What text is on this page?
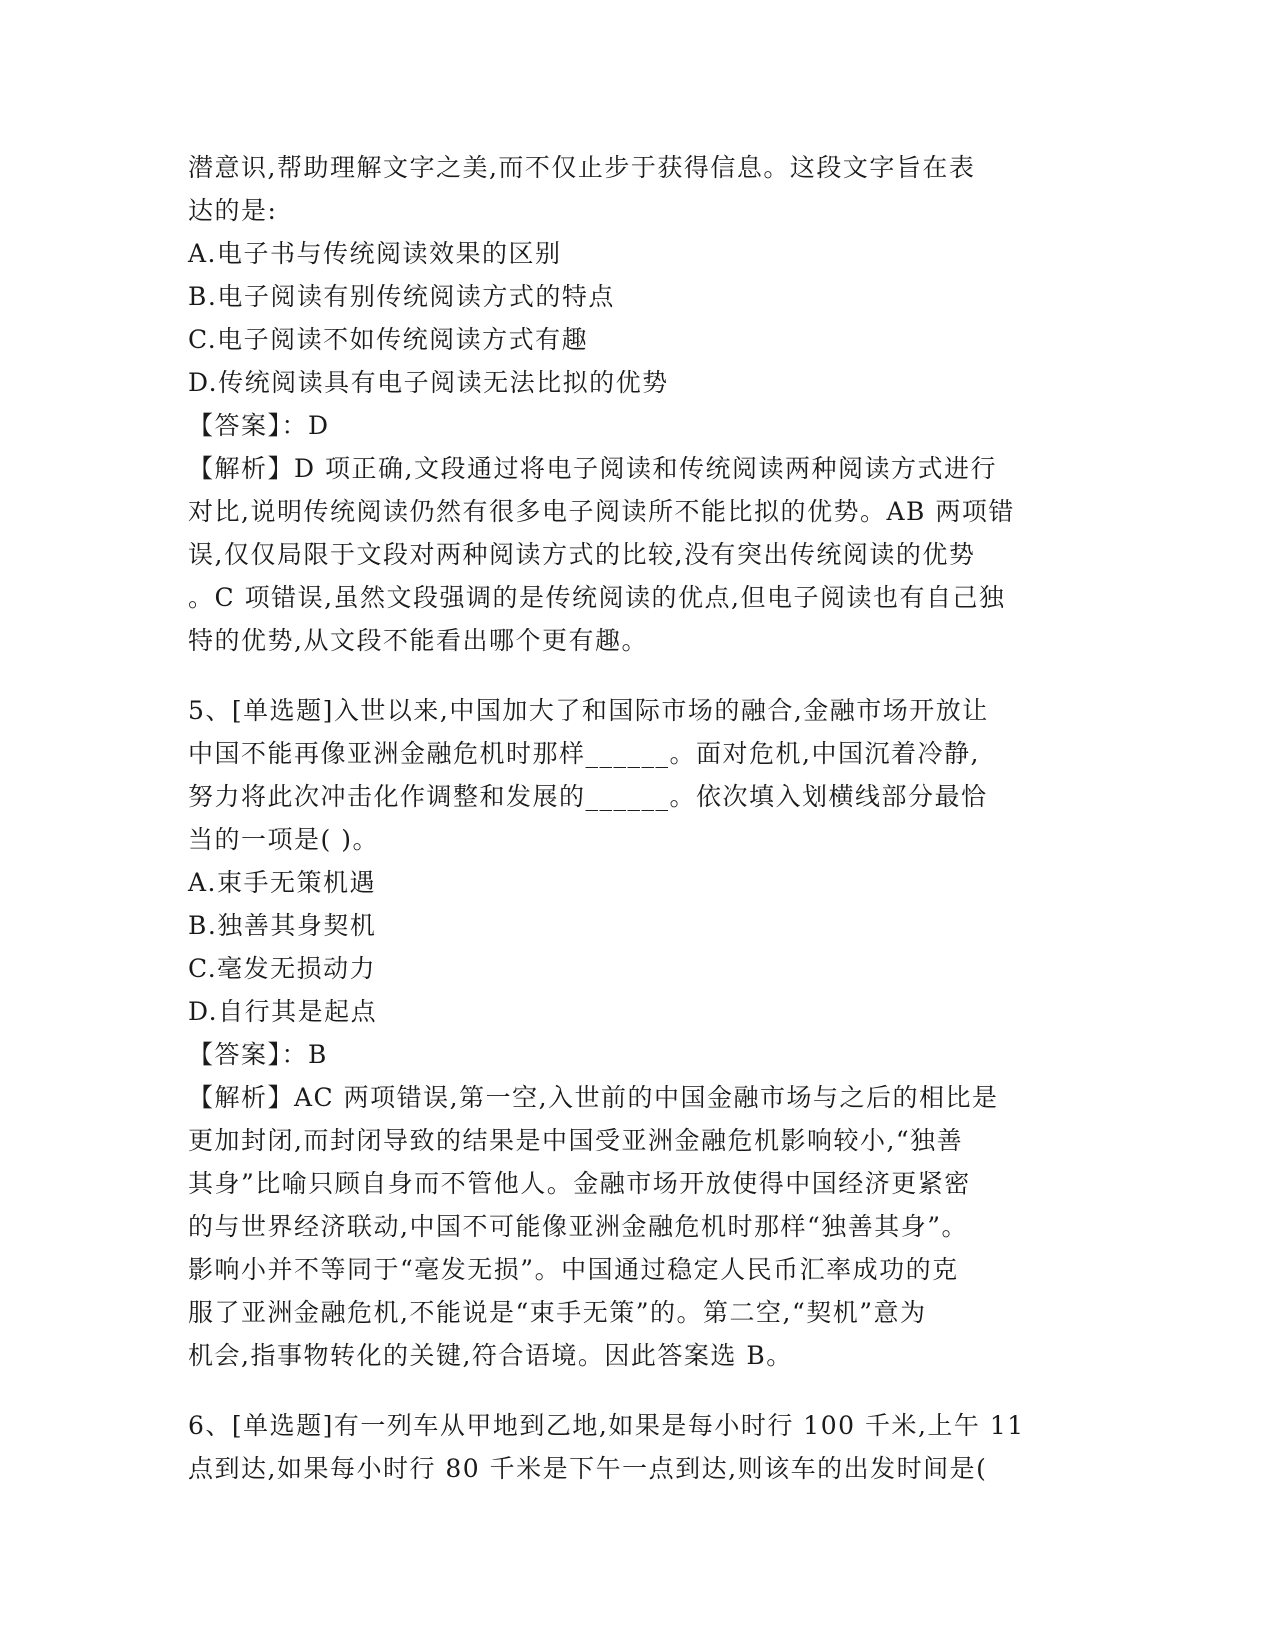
潜意识,帮助理解文字之美,而不仅止步于获得信息。这段文字旨在表

达的是:

A.电子书与传统阅读效果的区别

B.电子阅读有别传统阅读方式的特点

C.电子阅读不如传统阅读方式有趣

D.传统阅读具有电子阅读无法比拟的优势

【答案】：D

【解析】D 项正确,文段通过将电子阅读和传统阅读两种阅读方式进行

对比,说明传统阅读仍然有很多电子阅读所不能比拟的优势。AB 两项错

误,仅仅局限于文段对两种阅读方式的比较,没有突出传统阅读的优势

。C 项错误,虽然文段强调的是传统阅读的优点,但电子阅读也有自己独

特的优势,从文段不能看出哪个更有趣。

5、[单选题]入世以来,中国加大了和国际市场的融合,金融市场开放让

中国不能再像亚洲金融危机时那样______。面对危机,中国沉着冷静,

努力将此次冲击化作调整和发展的______。依次填入划横线部分最恰

当的一项是( )。

A.束手无策机遇

B.独善其身契机

C.毫发无损动力

D.自行其是起点

【答案】：B

【解析】AC 两项错误,第一空,入世前的中国金融市场与之后的相比是

更加封闭,而封闭导致的结果是中国受亚洲金融危机影响较小,“独善

其身”比喻只顾自身而不管他人。金融市场开放使得中国经济更紧密

的与世界经济联动,中国不可能像亚洲金融危机时那样“独善其身”。

影响小并不等同于“毫发无损”。中国通过稳定人民币汇率成功的克

服了亚洲金融危机,不能说是“束手无策”的。第二空,“契机”意为

机会,指事物转化的关键,符合语境。因此答案选 B。

6、[单选题]有一列车从甲地到乙地,如果是每小时行 100 千米,上午 11

点到达,如果每小时行 80 千米是下午一点到达,则该车的出发时间是(
